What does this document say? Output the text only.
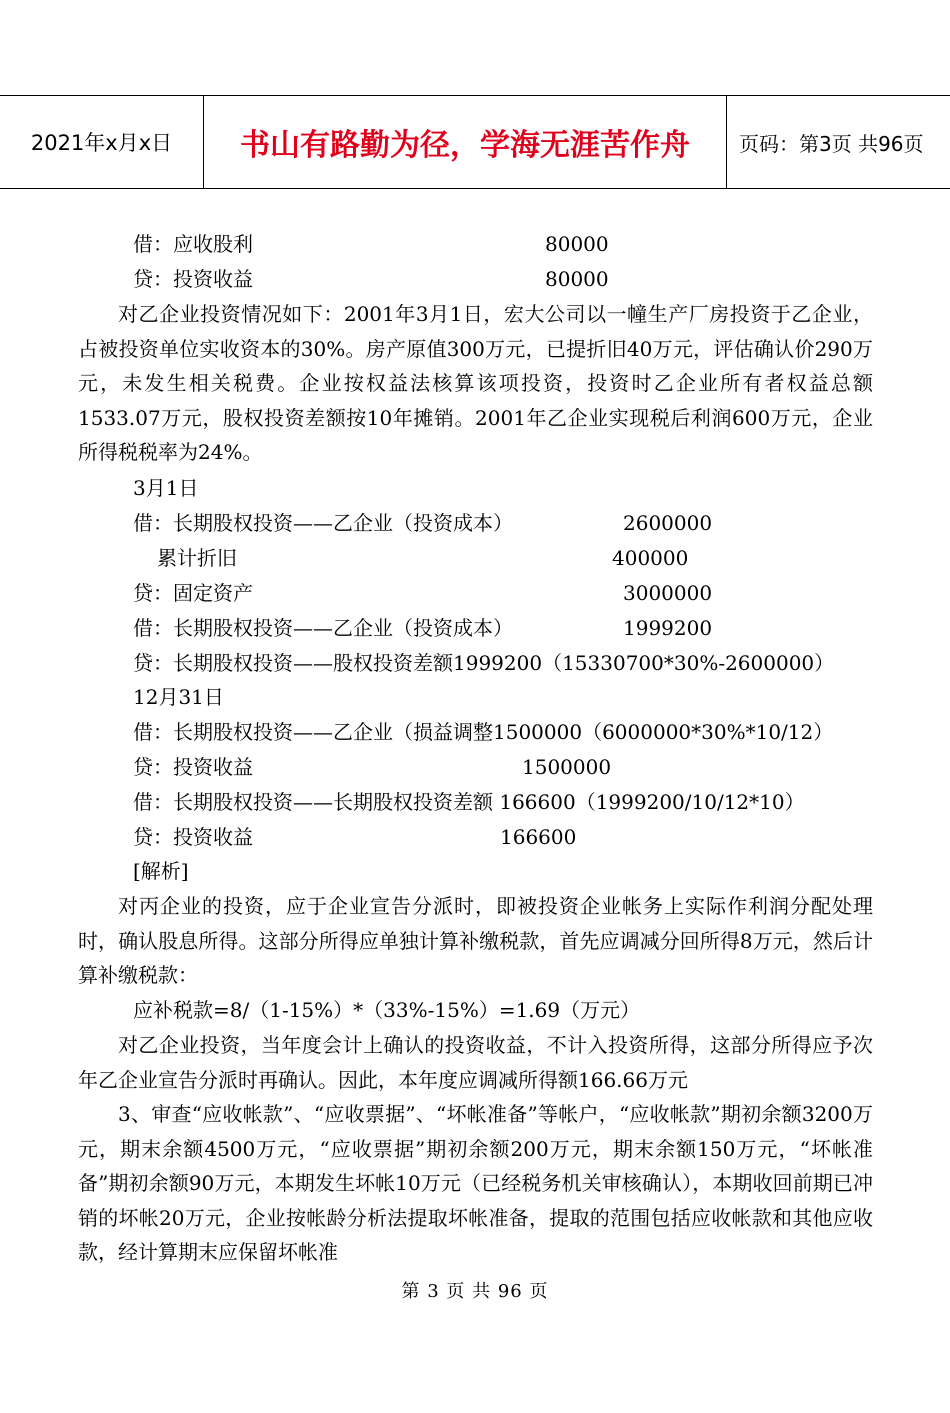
2021年x月x日	书山有路勤为径，学海无涯苦作舟	页码：第3页 共96页
借：应收股利	80000
贷：投资收益	80000

对乙企业投资情况如下：2001年3月1日，宏大公司以一幢生产厂房投资于乙企业，占被投资单位实收资本的30%。房产原值300万元，已提折旧40万元，评估确认价290万元，未发生相关税费。企业按权益法核算该项投资，投资时乙企业所有者权益总额1533.07万元，股权投资差额按10年摊销。2001年乙企业实现税后利润600万元，企业所得税税率为24%。

3月1日
借：长期股权投资——乙企业（投资成本）	2600000
累计折旧	400000
贷：固定资产	3000000
借：长期股权投资——乙企业（投资成本）	1999200
贷：长期股权投资——股权投资差额1999200（15330700*30%-2600000）
12月31日
借：长期股权投资——乙企业（损益调整1500000（6000000*30%*10/12）
贷：投资收益	1500000
借：长期股权投资——长期股权投资差额 166600（1999200/10/12*10）
贷：投资收益	166600
[解析]

对丙企业的投资，应于企业宣告分派时，即被投资企业帐务上实际作利润分配处理时，确认股息所得。这部分所得应单独计算补缴税款，首先应调减分回所得8万元，然后计算补缴税款：

应补税款=8/（1-15%）*（33%-15%）=1.69（万元）

对乙企业投资，当年度会计上确认的投资收益，不计入投资所得，这部分所得应予次年乙企业宣告分派时再确认。因此，本年度应调减所得额166.66万元

3、审查“应收帐款”、“应收票据”、“坏帐准备”等帐户，“应收帐款”期初余额3200万元，期末余额4500万元，“应收票据”期初余额200万元，期末余额150万元，“坏帐准备”期初余额90万元，本期发生坏帐10万元（已经税务机关审核确认），本期收回前期已冲销的坏帐20万元，企业按帐龄分析法提取坏帐准备，提取的范围包括应收帐款和其他应收款，经计算期末应保留坏帐准

第 3 页 共 96 页
